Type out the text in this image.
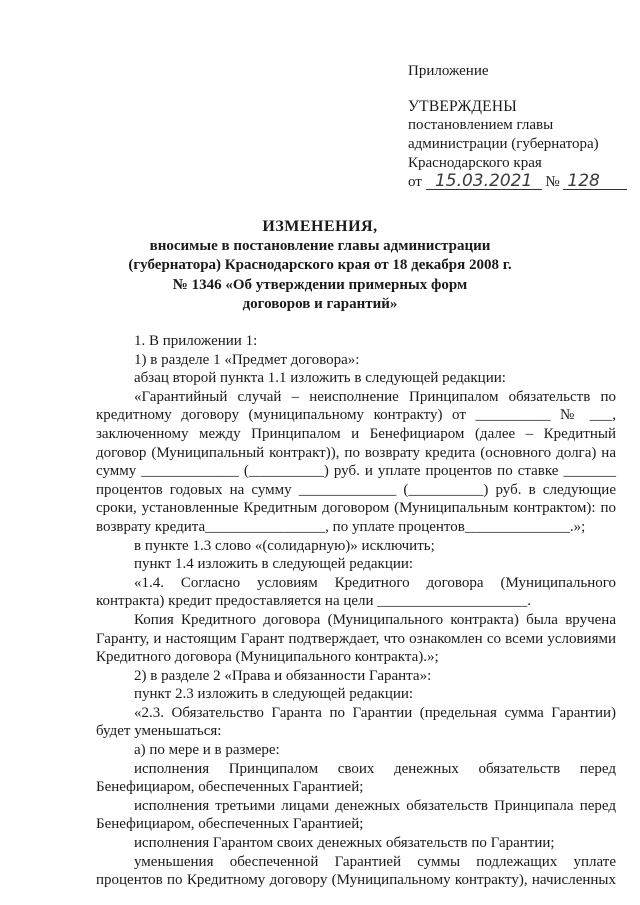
Приложение
УТВЕРЖДЕНЫ
постановлением главы
администрации (губернатора)
Краснодарского края
от 15.03.2021 № 128
ИЗМЕНЕНИЯ,
вносимые в постановление главы администрации
(губернатора) Краснодарского края от 18 декабря 2008 г.
№ 1346 «Об утверждении примерных форм
договоров и гарантий»

1. В приложении 1:

1) в разделе 1 «Предмет договора»:

абзац второй пункта 1.1 изложить в следующей редакции:

«Гарантийный случай – неисполнение Принципалом обязательств по кредитному договору (муниципальному контракту) от __________ № ___, заключенному между Принципалом и Бенефициаром (далее – Кредитный договор (Муниципальный контракт)), по возврату кредита (основного долга) на сумму _____________ (__________) руб. и уплате процентов по ставке _______ процентов годовых на сумму _____________ (__________) руб. в следующие сроки, установленные Кредитным договором (Муниципальным контрактом): по возврату кредита________________, по уплате процентов______________.»;

в пункте 1.3 слово «(солидарную)» исключить;

пункт 1.4 изложить в следующей редакции:

«1.4. Согласно условиям Кредитного договора (Муниципального контракта) кредит предоставляется на цели ____________________.

Копия Кредитного договора (Муниципального контракта) была вручена Гаранту, и настоящим Гарант подтверждает, что ознакомлен со всеми условиями Кредитного договора (Муниципального контракта).»;

2) в разделе 2 «Права и обязанности Гаранта»:

пункт 2.3 изложить в следующей редакции:

«2.3. Обязательство Гаранта по Гарантии (предельная сумма Гарантии) будет уменьшаться:

а) по мере и в размере:

исполнения Принципалом своих денежных обязательств перед Бенефициаром, обеспеченных Гарантией;

исполнения третьими лицами денежных обязательств Принципала перед Бенефициаром, обеспеченных Гарантией;

исполнения Гарантом своих денежных обязательств по Гарантии;

уменьшения обеспеченной Гарантией суммы подлежащих уплате процентов по Кредитному договору (Муниципальному контракту), начисленных
